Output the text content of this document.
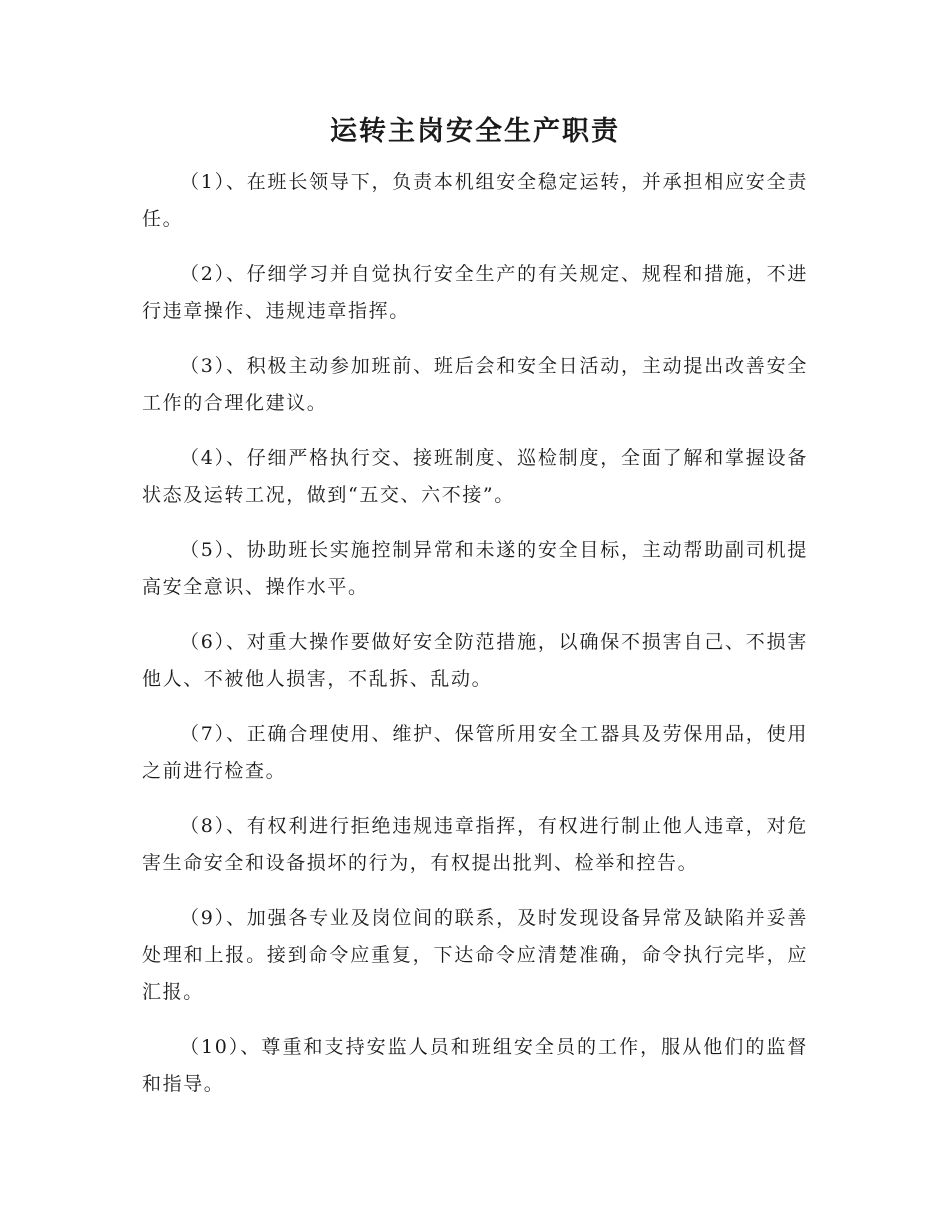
运转主岗安全生产职责

（1）、在班长领导下，负责本机组安全稳定运转，并承担相应安全责任。

（2）、仔细学习并自觉执行安全生产的有关规定、规程和措施，不进行违章操作、违规违章指挥。

（3）、积极主动参加班前、班后会和安全日活动，主动提出改善安全工作的合理化建议。

（4）、仔细严格执行交、接班制度、巡检制度，全面了解和掌握设备状态及运转工况，做到“五交、六不接”。

（5）、协助班长实施控制异常和未遂的安全目标，主动帮助副司机提高安全意识、操作水平。

（6）、对重大操作要做好安全防范措施，以确保不损害自己、不损害他人、不被他人损害，不乱拆、乱动。

（7）、正确合理使用、维护、保管所用安全工器具及劳保用品，使用之前进行检查。

（8）、有权利进行拒绝违规违章指挥，有权进行制止他人违章，对危害生命安全和设备损坏的行为，有权提出批判、检举和控告。

（9）、加强各专业及岗位间的联系，及时发现设备异常及缺陷并妥善处理和上报。接到命令应重复，下达命令应清楚准确，命令执行完毕，应汇报。

（10）、尊重和支持安监人员和班组安全员的工作，服从他们的监督和指导。
